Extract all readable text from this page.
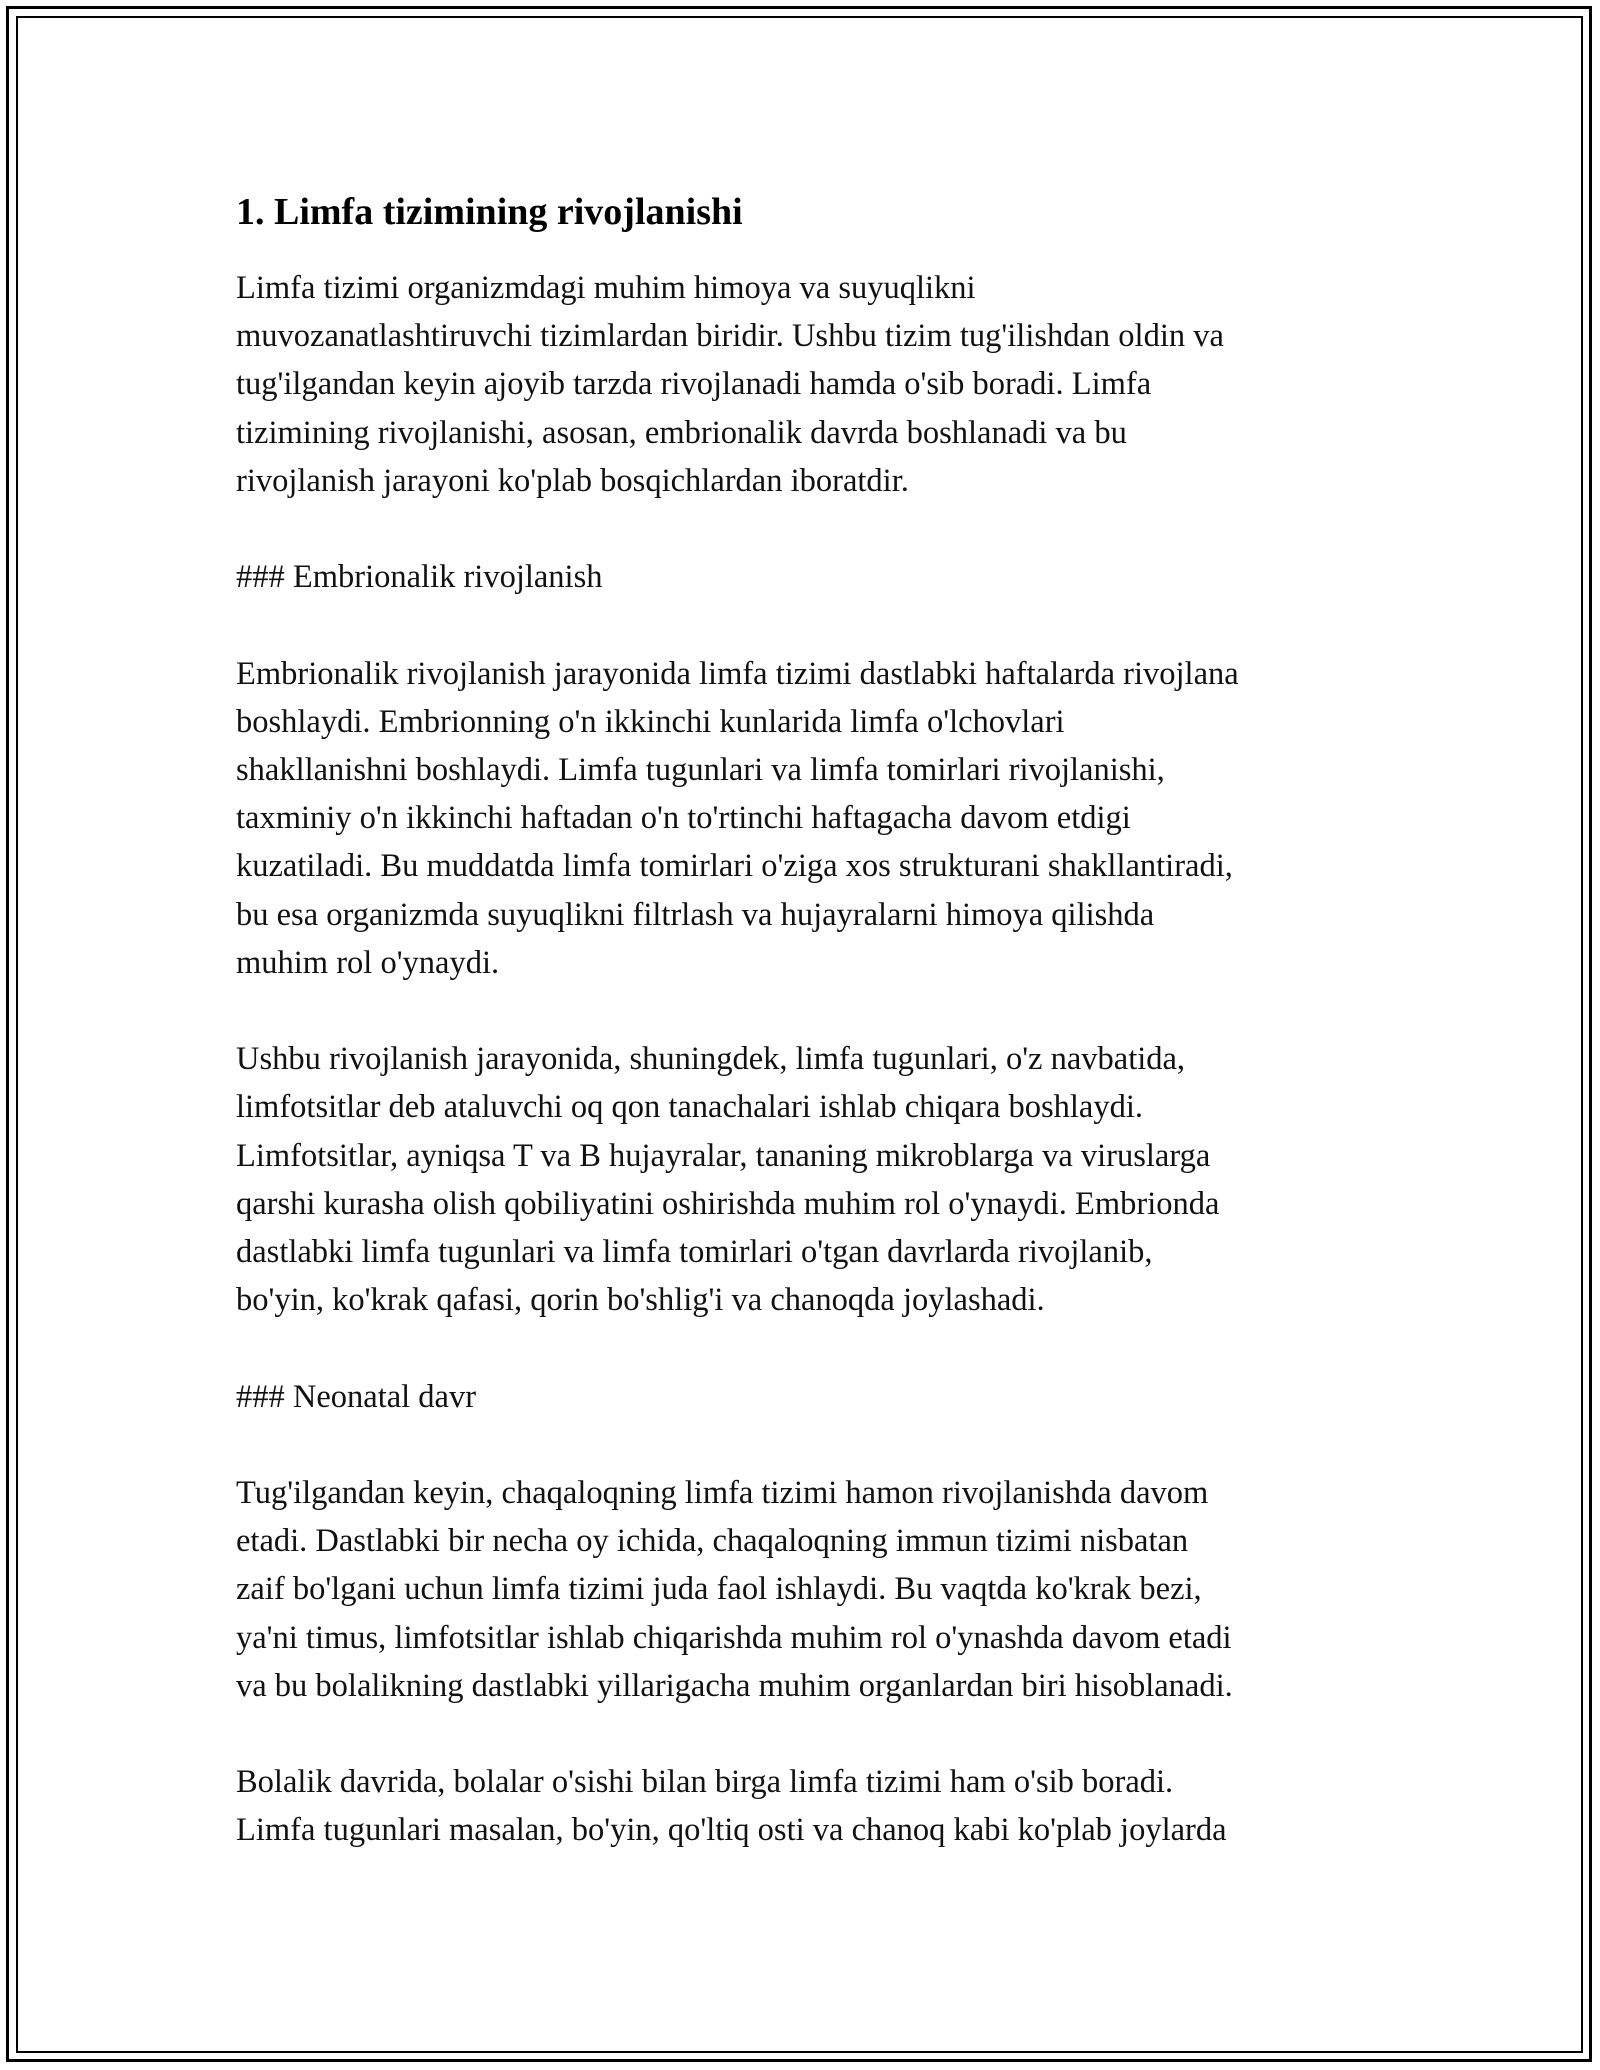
1. Limfa tizimining rivojlanishi

Limfa tizimi organizmdagi muhim himoya va suyuqlikni
muvozanatlashtiruvchi tizimlardan biridir. Ushbu tizim tug'ilishdan oldin va
tug'ilgandan keyin ajoyib tarzda rivojlanadi hamda o'sib boradi. Limfa
tizimining rivojlanishi, asosan, embrionalik davrda boshlanadi va bu
rivojlanish jarayoni ko'plab bosqichlardan iboratdir.

### Embrionalik rivojlanish

Embrionalik rivojlanish jarayonida limfa tizimi dastlabki haftalarda rivojlana
boshlaydi. Embrionning o'n ikkinchi kunlarida limfa o'lchovlari
shakllanishni boshlaydi. Limfa tugunlari va limfa tomirlari rivojlanishi,
taxminiy o'n ikkinchi haftadan o'n to'rtinchi haftagacha davom etdigi
kuzatiladi. Bu muddatda limfa tomirlari o'ziga xos strukturani shakllantiradi,
bu esa organizmda suyuqlikni filtrlash va hujayralarni himoya qilishda
muhim rol o'ynaydi.

Ushbu rivojlanish jarayonida, shuningdek, limfa tugunlari, o'z navbatida,
limfotsitlar deb ataluvchi oq qon tanachalari ishlab chiqara boshlaydi.
Limfotsitlar, ayniqsa T va B hujayralar, tananing mikroblarga va viruslarga
qarshi kurasha olish qobiliyatini oshirishda muhim rol o'ynaydi. Embrionda
dastlabki limfa tugunlari va limfa tomirlari o'tgan davrlarda rivojlanib,
bo'yin, ko'krak qafasi, qorin bo'shlig'i va chanoqda joylashadi.

### Neonatal davr

Tug'ilgandan keyin, chaqaloqning limfa tizimi hamon rivojlanishda davom
etadi. Dastlabki bir necha oy ichida, chaqaloqning immun tizimi nisbatan
zaif bo'lgani uchun limfa tizimi juda faol ishlaydi. Bu vaqtda ko'krak bezi,
ya'ni timus, limfotsitlar ishlab chiqarishda muhim rol o'ynashda davom etadi
va bu bolalikning dastlabki yillarigacha muhim organlardan biri hisoblanadi.

Bolalik davrida, bolalar o'sishi bilan birga limfa tizimi ham o'sib boradi.
Limfa tugunlari masalan, bo'yin, qo'ltiq osti va chanoq kabi ko'plab joylarda
